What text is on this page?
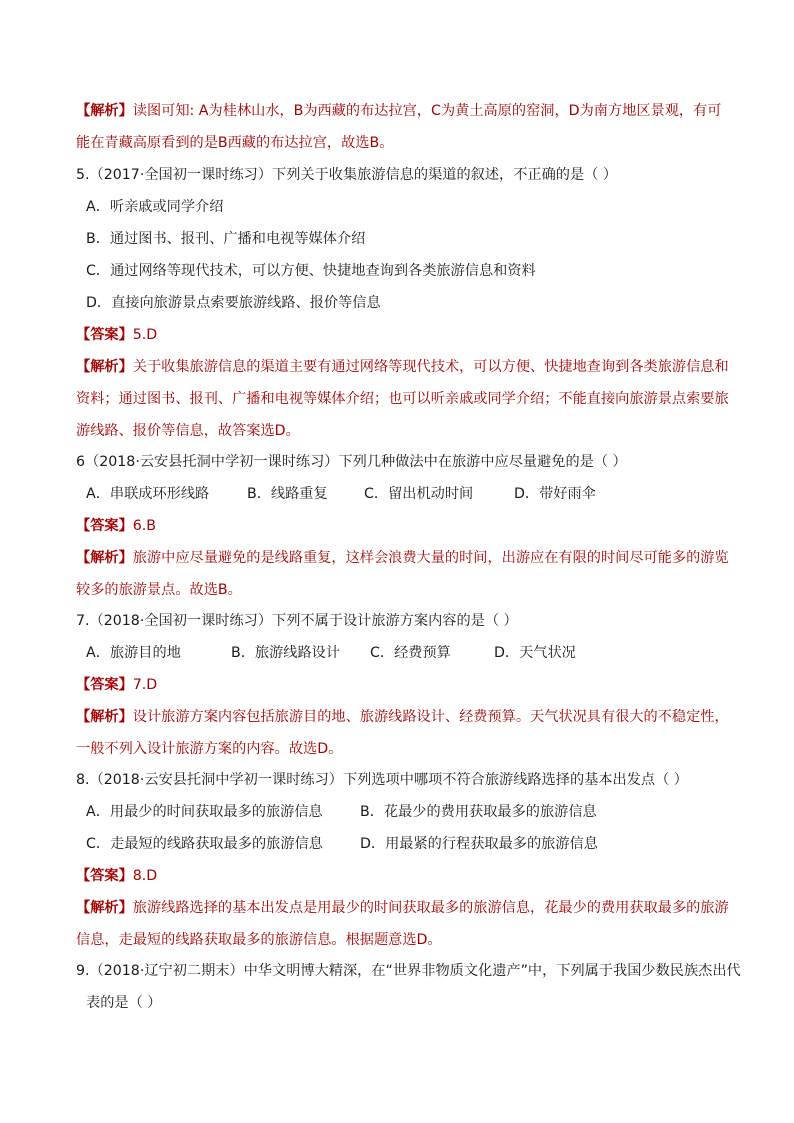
【解析】读图可知: A为桂林山水，B为西藏的布达拉宫，C为黄土高原的窑洞，D为南方地区景观，有可
能在青藏高原看到的是B西藏的布达拉宫，故选B。
5.（2017·全国初一课时练习）下列关于收集旅游信息的渠道的叙述，不正确的是（ ）
A．听亲戚或同学介绍
B．通过图书、报刊、广播和电视等媒体介绍
C．通过网络等现代技术，可以方便、快捷地查询到各类旅游信息和资料
D．直接向旅游景点索要旅游线路、报价等信息
【答案】5.D
【解析】关于收集旅游信息的渠道主要有通过网络等现代技术，可以方便、快捷地查询到各类旅游信息和
资料；通过图书、报刊、广播和电视等媒体介绍；也可以听亲戚或同学介绍；不能直接向旅游景点索要旅
游线路、报价等信息，故答案选D。
6（2018·云安县托洞中学初一课时练习）下列几种做法中在旅游中应尽量避免的是（ ）
A．串联成环形线路	B．线路重复	C．留出机动时间	D．带好雨伞
【答案】6.B
【解析】旅游中应尽量避免的是线路重复，这样会浪费大量的时间，出游应在有限的时间尽可能多的游览
较多的旅游景点。故选B。
7.（2018·全国初一课时练习）下列不属于设计旅游方案内容的是（ ）
A．旅游目的地	B．旅游线路设计 C．经费预算	D．天气状况
【答案】7.D
【解析】设计旅游方案内容包括旅游目的地、旅游线路设计、经费预算。天气状况具有很大的不稳定性，
一般不列入设计旅游方案的内容。故选D。
8.（2018·云安县托洞中学初一课时练习）下列选项中哪项不符合旅游线路选择的基本出发点（ ）
A．用最少的时间获取最多的旅游信息	B．花最少的费用获取最多的旅游信息
C．走最短的线路获取最多的旅游信息	D．用最紧的行程获取最多的旅游信息
【答案】8.D
【解析】旅游线路选择的基本出发点是用最少的时间获取最多的旅游信息，花最少的费用获取最多的旅游
信息，走最短的线路获取最多的旅游信息。根据题意选D。
9.（2018·辽宁初二期末）中华文明博大精深，在“世界非物质文化遗产”中，下列属于我国少数民族杰出代
表的是（ ）
